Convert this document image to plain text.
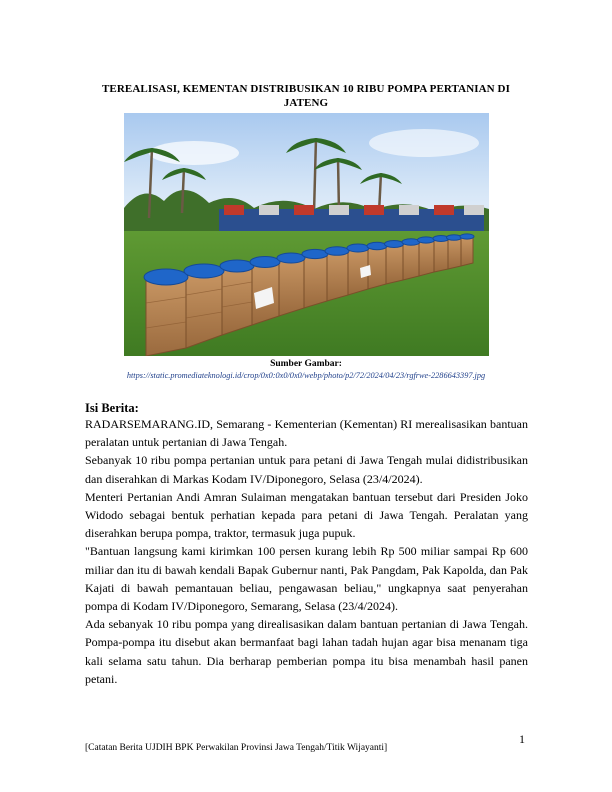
TEREALISASI, KEMENTAN DISTRIBUSIKAN 10 RIBU POMPA PERTANIAN DI JATENG
Sumber Gambar:
https://static.promediateknologi.id/crop/0x0:0x0/0x0/webp/photo/p2/72/2024/04/23/rgfrwe-2286643397.jpg
Isi Berita:

RADARSEMARANG.ID, Semarang - Kementerian (Kementan) RI merealisasikan bantuan peralatan untuk pertanian di Jawa Tengah.

Sebanyak 10 ribu pompa pertanian untuk para petani di Jawa Tengah mulai didistribusikan dan diserahkan di Markas Kodam IV/Diponegoro, Selasa (23/4/2024).

Menteri Pertanian Andi Amran Sulaiman mengatakan bantuan tersebut dari Presiden Joko Widodo sebagai bentuk perhatian kepada para petani di Jawa Tengah. Peralatan yang diserahkan berupa pompa, traktor, termasuk juga pupuk.

"Bantuan langsung kami kirimkan 100 persen kurang lebih Rp 500 miliar sampai Rp 600 miliar dan itu di bawah kendali Bapak Gubernur nanti, Pak Pangdam, Pak Kapolda, dan Pak Kajati di bawah pemantauan beliau, pengawasan beliau," ungkapnya saat penyerahan pompa di Kodam IV/Diponegoro, Semarang, Selasa (23/4/2024).

Ada sebanyak 10 ribu pompa yang direalisasikan dalam bantuan pertanian di Jawa Tengah. Pompa-pompa itu disebut akan bermanfaat bagi lahan tadah hujan agar bisa menanam tiga kali selama satu tahun. Dia berharap pemberian pompa itu bisa menambah hasil panen petani.

1
[Catatan Berita UJDIH BPK Perwakilan Provinsi Jawa Tengah/Titik Wijayanti]
